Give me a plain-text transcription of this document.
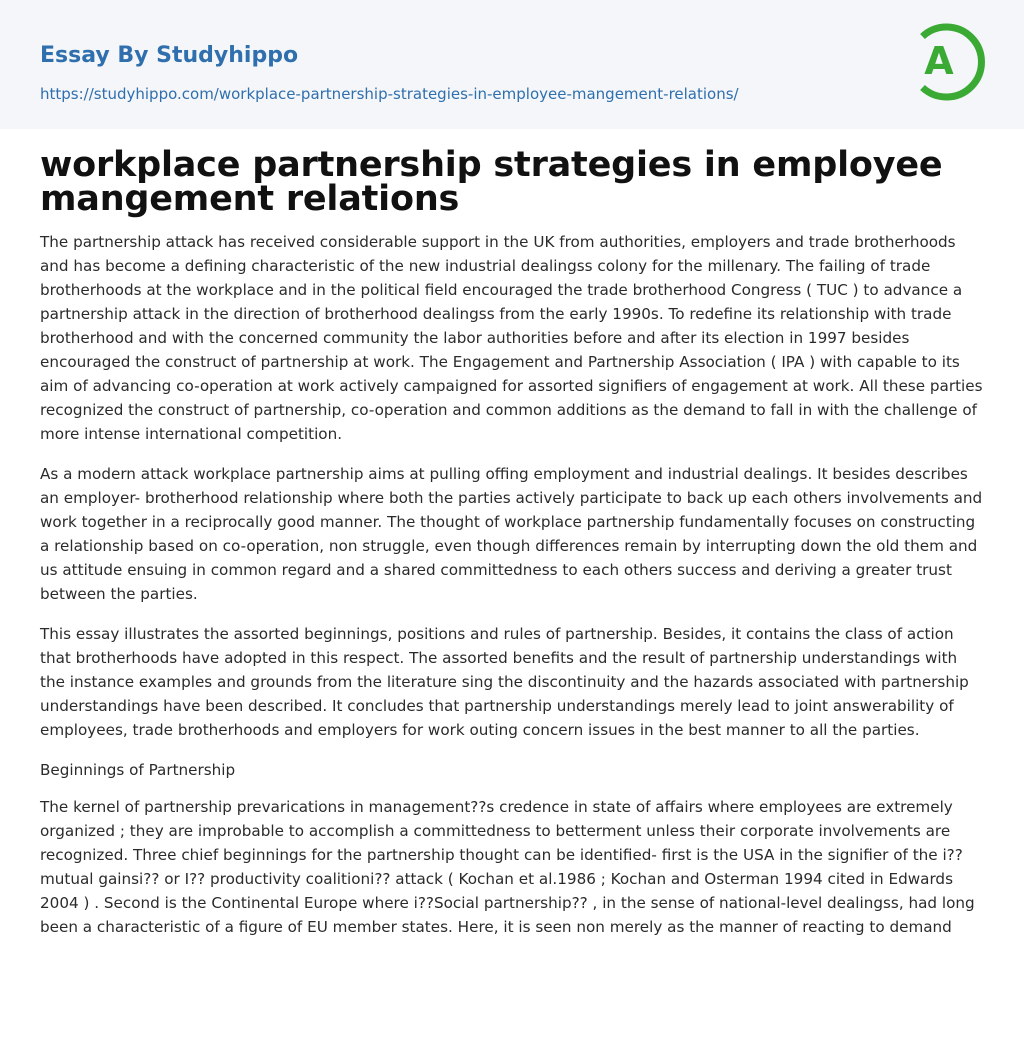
Essay By Studyhippo
https://studyhippo.com/workplace-partnership-strategies-in-employee-mangement-relations/
A
workplace partnership strategies in employee mangement relations

The partnership attack has received considerable support in the UK from authorities, employers and trade brotherhoods and has become a defining characteristic of the new industrial dealingss colony for the millenary. The failing of trade brotherhoods at the workplace and in the political field encouraged the trade brotherhood Congress ( TUC ) to advance a partnership attack in the direction of brotherhood dealingss from the early 1990s. To redefine its relationship with trade brotherhood and with the concerned community the labor authorities before and after its election in 1997 besides encouraged the construct of partnership at work. The Engagement and Partnership Association ( IPA ) with capable to its aim of advancing co-operation at work actively campaigned for assorted signifiers of engagement at work. All these parties recognized the construct of partnership, co-operation and common additions as the demand to fall in with the challenge of more intense international competition.

As a modern attack workplace partnership aims at pulling offing employment and industrial dealings. It besides describes an employer- brotherhood relationship where both the parties actively participate to back up each others involvements and work together in a reciprocally good manner. The thought of workplace partnership fundamentally focuses on constructing a relationship based on co-operation, non struggle, even though differences remain by interrupting down the old them and us attitude ensuing in common regard and a shared committedness to each others success and deriving a greater trust between the parties.

This essay illustrates the assorted beginnings, positions and rules of partnership. Besides, it contains the class of action that brotherhoods have adopted in this respect. The assorted benefits and the result of partnership understandings with the instance examples and grounds from the literature sing the discontinuity and the hazards associated with partnership understandings have been described. It concludes that partnership understandings merely lead to joint answerability of employees, trade brotherhoods and employers for work outing concern issues in the best manner to all the parties.

Beginnings of Partnership

The kernel of partnership prevarications in management??s credence in state of affairs where employees are extremely organized ; they are improbable to accomplish a committedness to betterment unless their corporate involvements are recognized. Three chief beginnings for the partnership thought can be identified- first is the USA in the signifier of the i??mutual gainsi?? or I?? productivity coalitioni?? attack ( Kochan et al.1986 ; Kochan and Osterman 1994 cited in Edwards 2004 ) . Second is the Continental Europe where i??Social partnership?? , in the sense of national-level dealingss, had long been a characteristic of a figure of EU member states. Here, it is seen non merely as the manner of reacting to demand
